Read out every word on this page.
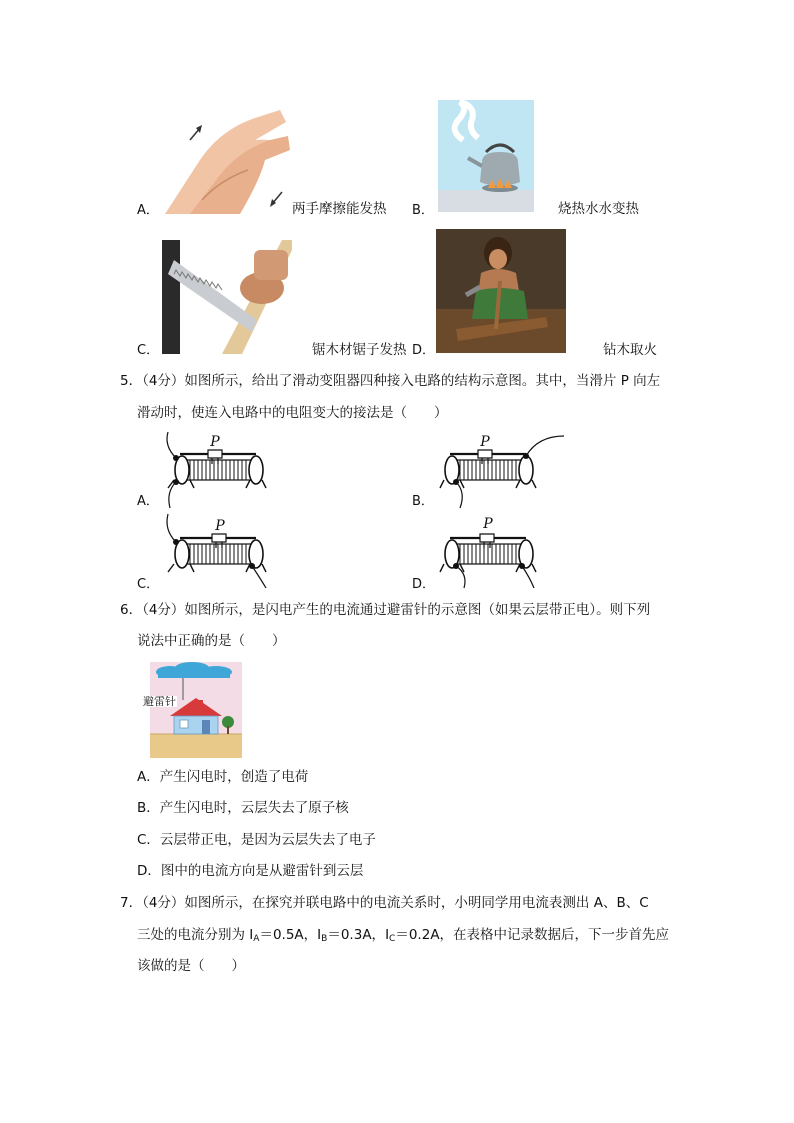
A．	两手摩擦能发热 B．	烧热水水变热
C．	锯木材锯子发热 D．	钻木取火
5．（4分）如图所示，给出了滑动变阻器四种接入电路的结构示意图。其中，当滑片 P 向左
滑动时，使连入电路中的电阻变大的接法是（　　）
P
A．
P
B．
P
C．
P
D．
6．（4分）如图所示，是闪电产生的电流通过避雷针的示意图（如果云层带正电）。则下列
说法中正确的是（　　）
避雷针
A．产生闪电时，创造了电荷
B．产生闪电时，云层失去了原子核
C．云层带正电，是因为云层失去了电子
D．图中的电流方向是从避雷针到云层
7．（4分）如图所示，在探究并联电路中的电流关系时，小明同学用电流表测出 A、B、C
三处的电流分别为 $I_A=0.5A$，$I_B=0.3A$，$I_C=0.2A$，在表格中记录数据后，下一步首先应
该做的是（　　）
